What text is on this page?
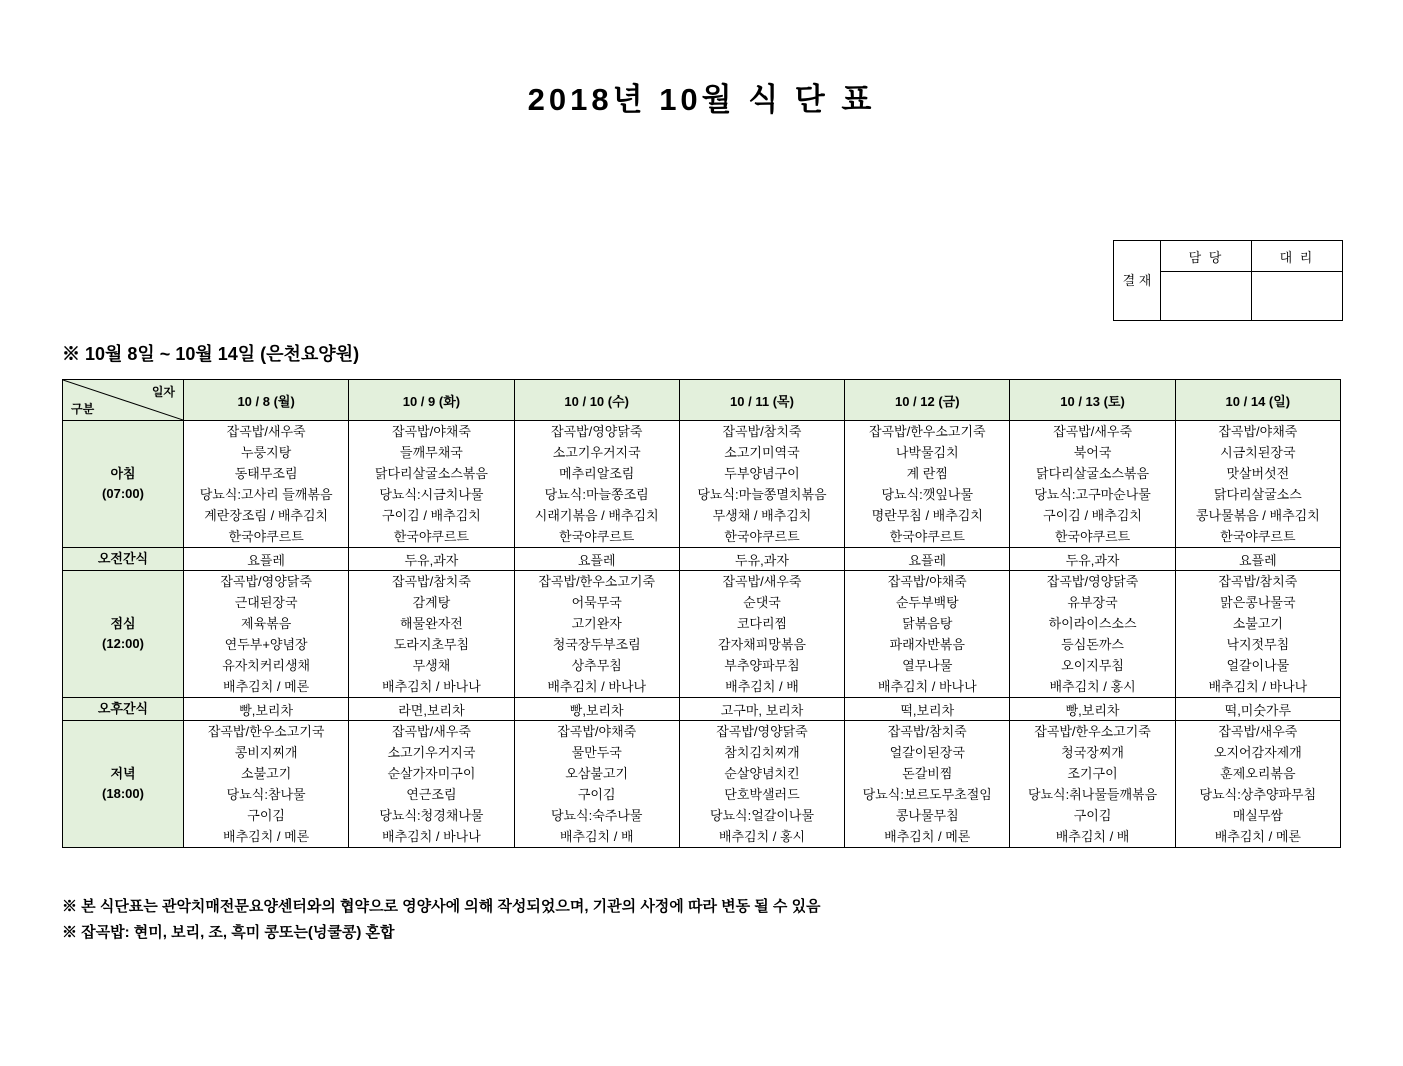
2018년 10월 식 단 표
결 재	담 당	대 리

※ 10월 8일 ~ 10월 14일 (은천요양원)
일자
구분	10 / 8 (월)	10 / 9 (화)	10 / 10 (수)	10 / 11 (목)	10 / 12 (금)	10 / 13 (토)	10 / 14 (일)

아침
(07:00)
	잡곡밥/새우죽
누룽지탕
동태무조림
당뇨식:고사리 들깨볶음
계란장조림 / 배추김치
한국야쿠르트	잡곡밥/야채죽
들깨무채국
닭다리살굴소스볶음
당뇨식:시금치나물
구이김 / 배추김치
한국야쿠르트	잡곡밥/영양닭죽
소고기우거지국
메추리알조림
당뇨식:마늘쫑조림
시래기볶음 / 배추김치
한국야쿠르트	잡곡밥/참치죽
소고기미역국
두부양념구이
당뇨식:마늘쫑멸치볶음
무생채 / 배추김치
한국야쿠르트	잡곡밥/한우소고기죽
나박물김치
계 란찜
당뇨식:깻잎나물
명란무침 / 배추김치
한국야쿠르트	잡곡밥/새우죽
북어국
닭다리살굴소스볶음
당뇨식:고구마순나물
구이김 / 배추김치
한국야쿠르트	잡곡밥/야채죽
시금치된장국
맛살버섯전
닭다리살굴소스
콩나물볶음 / 배추김치
한국야쿠르트
오전간식	요플레	두유,과자	요플레	두유,과자	요플레	두유,과자	요플레

점심
(12:00)
	잡곡밥/영양닭죽
근대된장국
제육볶음
연두부+양념장
유자치커리생채
배추김치 / 메론	잡곡밥/참치죽
감계탕
해물완자전
도라지초무침
무생채
배추김치 / 바나나	잡곡밥/한우소고기죽
어묵무국
고기완자
청국장두부조림
상추무침
배추김치 / 바나나	잡곡밥/새우죽
순댓국
코다리찜
감자채피망볶음
부추양파무침
배추김치 / 배	잡곡밥/야채죽
순두부백탕
닭볶음탕
파래자반볶음
열무나물
배추김치 / 바나나	잡곡밥/영양닭죽
유부장국
하이라이스소스
등심돈까스
오이지무침
배추김치 / 홍시	잡곡밥/참치죽
맑은콩나물국
소불고기
낙지젓무침
얼갈이나물
배추김치 / 바나나
오후간식	빵,보리차	라면,보리차	빵,보리차	고구마, 보리차	떡,보리차	빵,보리차	떡,미숫가루

저녁
(18:00)
	잡곡밥/한우소고기국
콩비지찌개
소불고기
당뇨식:참나물
구이김
배추김치 / 메론	잡곡밥/새우죽
소고기우거지국
순살가자미구이
연근조림
당뇨식:청경채나물
배추김치 / 바나나	잡곡밥/야채죽
물만두국
오삼불고기
구이김
당뇨식:숙주나물
배추김치 / 배	잡곡밥/영양닭죽
참치김치찌개
순살양념치킨
단호박샐러드
당뇨식:얼갈이나물
배추김치 / 홍시	잡곡밥/참치죽
얼갈이된장국
돈갈비찜
당뇨식:보르도무초절임
콩나물무침
배추김치 / 메론	잡곡밥/한우소고기죽
청국장찌개
조기구이
당뇨식:취나물들깨볶음
구이김
배추김치 / 배	잡곡밥/새우죽
오지어감자제개
훈제오리볶음
당뇨식:상추양파무침
매실무쌈
배추김치 / 메론
※ 본 식단표는 관악치매전문요양센터와의 협약으로 영양사에 의해 작성되었으며, 기관의 사정에 따라 변동 될 수 있음
※ 잡곡밥: 현미, 보리, 조, 흑미 콩또는(넝쿨콩) 혼합
